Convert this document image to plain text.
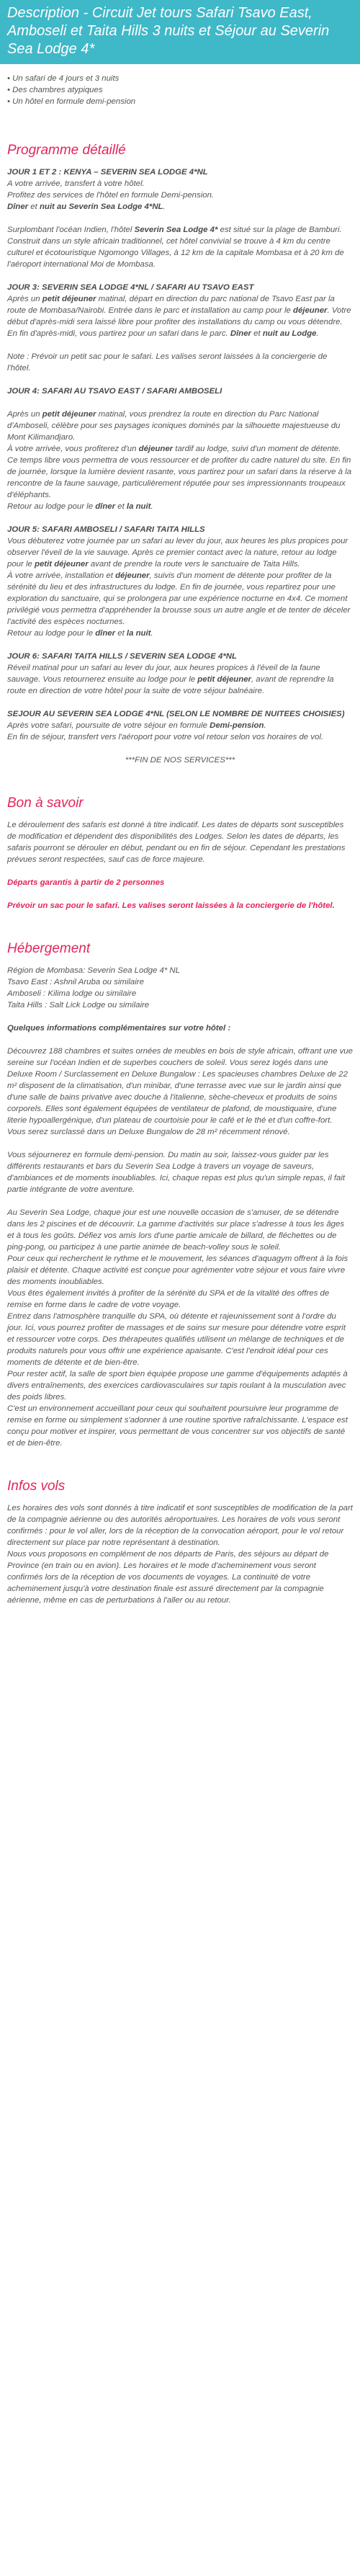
Description - Circuit Jet tours Safari Tsavo East, Amboseli et Taita Hills 3 nuits et Séjour au Severin Sea Lodge 4*
• Un safari de 4 jours et 3 nuits
• Des chambres atypiques
• Un hôtel en formule demi-pension
Programme détaillé
JOUR 1 ET 2 : KENYA – SEVERIN SEA LODGE 4*NL
A votre arrivée, transfert à votre hôtel.
Profitez des services de l'hôtel en formule Demi-pension.
Dîner et nuit au Severin Sea Lodge 4*NL.

Surplombant l'océan Indien, l'hôtel Severin Sea Lodge 4* est situé sur la plage de Bamburi. Construit dans un style africain traditionnel, cet hôtel convivial se trouve à 4 km du centre culturel et écotouristique Ngomongo Villages, à 12 km de la capitale Mombasa et à 20 km de l'aéroport international Moi de Mombasa.

JOUR 3: SEVERIN SEA LODGE 4*NL / SAFARI AU TSAVO EAST
Après un petit déjeuner matinal, départ en direction du parc national de Tsavo East par la route de Mombasa/Nairobi. Entrée dans le parc et installation au camp pour le déjeuner. Votre début d'après-midi sera laissé libre pour profiter des installations du camp ou vous détendre. En fin d'après-midi, vous partirez pour un safari dans le parc. Dîner et nuit au Lodge.

Note : Prévoir un petit sac pour le safari. Les valises seront laissées à la conciergerie de l'hôtel.

JOUR 4: SAFARI AU TSAVO EAST / SAFARI AMBOSELI
Après un petit déjeuner matinal, vous prendrez la route en direction du Parc National d'Amboseli, célèbre pour ses paysages iconiques dominés par la silhouette majestueuse du Mont Kilimandjaro.
À votre arrivée, vous profiterez d'un déjeuner tardif au lodge, suivi d'un moment de détente. Ce temps libre vous permettra de vous ressourcer et de profiter du cadre naturel du site. En fin de journée, lorsque la lumière devient rasante, vous partirez pour un safari dans la réserve à la rencontre de la faune sauvage, particulièrement réputée pour ses impressionnants troupeaux d'éléphants.
Retour au lodge pour le dîner et la nuit.
JOUR 5: SAFARI AMBOSELI / SAFARI TAITA HILLS
Vous débuterez votre journée par un safari au lever du jour, aux heures les plus propices pour observer l'éveil de la vie sauvage. Après ce premier contact avec la nature, retour au lodge pour le petit déjeuner avant de prendre la route vers le sanctuaire de Taita Hills.
À votre arrivée, installation et déjeuner, suivis d'un moment de détente pour profiter de la sérénité du lieu et des infrastructures du lodge. En fin de journée, vous repartirez pour une exploration du sanctuaire, qui se prolongera par une expérience nocturne en 4x4. Ce moment privilégié vous permettra d'appréhender la brousse sous un autre angle et de tenter de déceler l'activité des espèces nocturnes.
Retour au lodge pour le dîner et la nuit.
JOUR 6: SAFARI TAITA HILLS / SEVERIN SEA LODGE 4*NL
Réveil matinal pour un safari au lever du jour, aux heures propices à l'éveil de la faune sauvage. Vous retournerez ensuite au lodge pour le petit déjeuner, avant de reprendre la route en direction de votre hôtel pour la suite de votre séjour balnéaire.
SEJOUR AU SEVERIN SEA LODGE 4*NL (SELON LE NOMBRE DE NUITEES CHOISIES)
Après votre safari, poursuite de votre séjour en formule Demi-pension.
En fin de séjour, transfert vers l'aéroport pour votre vol retour selon vos horaires de vol.

***FIN DE NOS SERVICES***

Bon à savoir

Le déroulement des safaris est donné à titre indicatif. Les dates de départs sont susceptibles de modification et dépendent des disponibilités des Lodges. Selon les dates de départs, les safaris pourront se dérouler en début, pendant ou en fin de séjour. Cependant les prestations prévues seront respectées, sauf cas de force majeure.

Départs garantis à partir de 2 personnes

Prévoir un sac pour le safari. Les valises seront laissées à la conciergerie de l'hôtel.

Hébergement
Région de Mombasa: Severin Sea Lodge 4* NL
Tsavo East : Ashnil Aruba ou similaire
Amboseli : Kilima lodge ou similaire
Taita Hills : Salt Lick Lodge ou similaire

Quelques informations complémentaires sur votre hôtel :

Découvrez 188 chambres et suites ornées de meubles en bois de style africain, offrant une vue sereine sur l'océan Indien et de superbes couchers de soleil. Vous serez logés dans une Deluxe Room / Surclassement en Deluxe Bungalow : Les spacieuses chambres Deluxe de 22 m² disposent de la climatisation, d'un minibar, d'une terrasse avec vue sur le jardin ainsi que d'une salle de bains privative avec douche à l'italienne, sèche-cheveux et produits de soins corporels. Elles sont également équipées de ventilateur de plafond, de moustiquaire, d'une literie hypoallergénique, d'un plateau de courtoisie pour le café et le thé et d'un coffre-fort. Vous serez surclassé dans un Deluxe Bungalow de 28 m² récemment rénové.

Vous séjournerez en formule demi-pension. Du matin au soir, laissez-vous guider par les différents restaurants et bars du Severin Sea Lodge à travers un voyage de saveurs, d'ambiances et de moments inoubliables. Ici, chaque repas est plus qu'un simple repas, il fait partie intégrante de votre aventure.

Au Severin Sea Lodge, chaque jour est une nouvelle occasion de s'amuser, de se détendre dans les 2 piscines et de découvrir. La gamme d'activités sur place s'adresse à tous les âges et à tous les goûts. Défiez vos amis lors d'une partie amicale de billard, de fléchettes ou de ping-pong, ou participez à une partie animée de beach-volley sous le soleil.
Pour ceux qui recherchent le rythme et le mouvement, les séances d'aquagym offrent à la fois plaisir et détente. Chaque activité est conçue pour agrémenter votre séjour et vous faire vivre des moments inoubliables.
Vous êtes également invités à profiter de la sérénité du SPA et de la vitalité des offres de remise en forme dans le cadre de votre voyage.
Entrez dans l'atmosphère tranquille du SPA, où détente et rajeunissement sont à l'ordre du jour. Ici, vous pourrez profiter de massages et de soins sur mesure pour détendre votre esprit et ressourcer votre corps. Des thérapeutes qualifiés utilisent un mélange de techniques et de produits naturels pour vous offrir une expérience apaisante. C'est l'endroit idéal pour ces moments de détente et de bien-être.
Pour rester actif, la salle de sport bien équipée propose une gamme d'équipements adaptés à divers entraînements, des exercices cardiovasculaires sur tapis roulant à la musculation avec des poids libres.
C'est un environnement accueillant pour ceux qui souhaitent poursuivre leur programme de remise en forme ou simplement s'adonner à une routine sportive rafraîchissante. L'espace est conçu pour motiver et inspirer, vous permettant de vous concentrer sur vos objectifs de santé et de bien-être.
Infos vols
Les horaires des vols sont donnés à titre indicatif et sont susceptibles de modification de la part de la compagnie aérienne ou des autorités aéroportuaires. Les horaires de vols vous seront confirmés : pour le vol aller, lors de la réception de la convocation aéroport, pour le vol retour directement sur place par notre représentant à destination.
Nous vous proposons en complément de nos départs de Paris, des séjours au départ de Province (en train ou en avion). Les horaires et le mode d'acheminement vous seront confirmés lors de la réception de vos documents de voyages. La continuité de votre acheminement jusqu'à votre destination finale est assuré directement par la compagnie aérienne, même en cas de perturbations à l'aller ou au retour.
